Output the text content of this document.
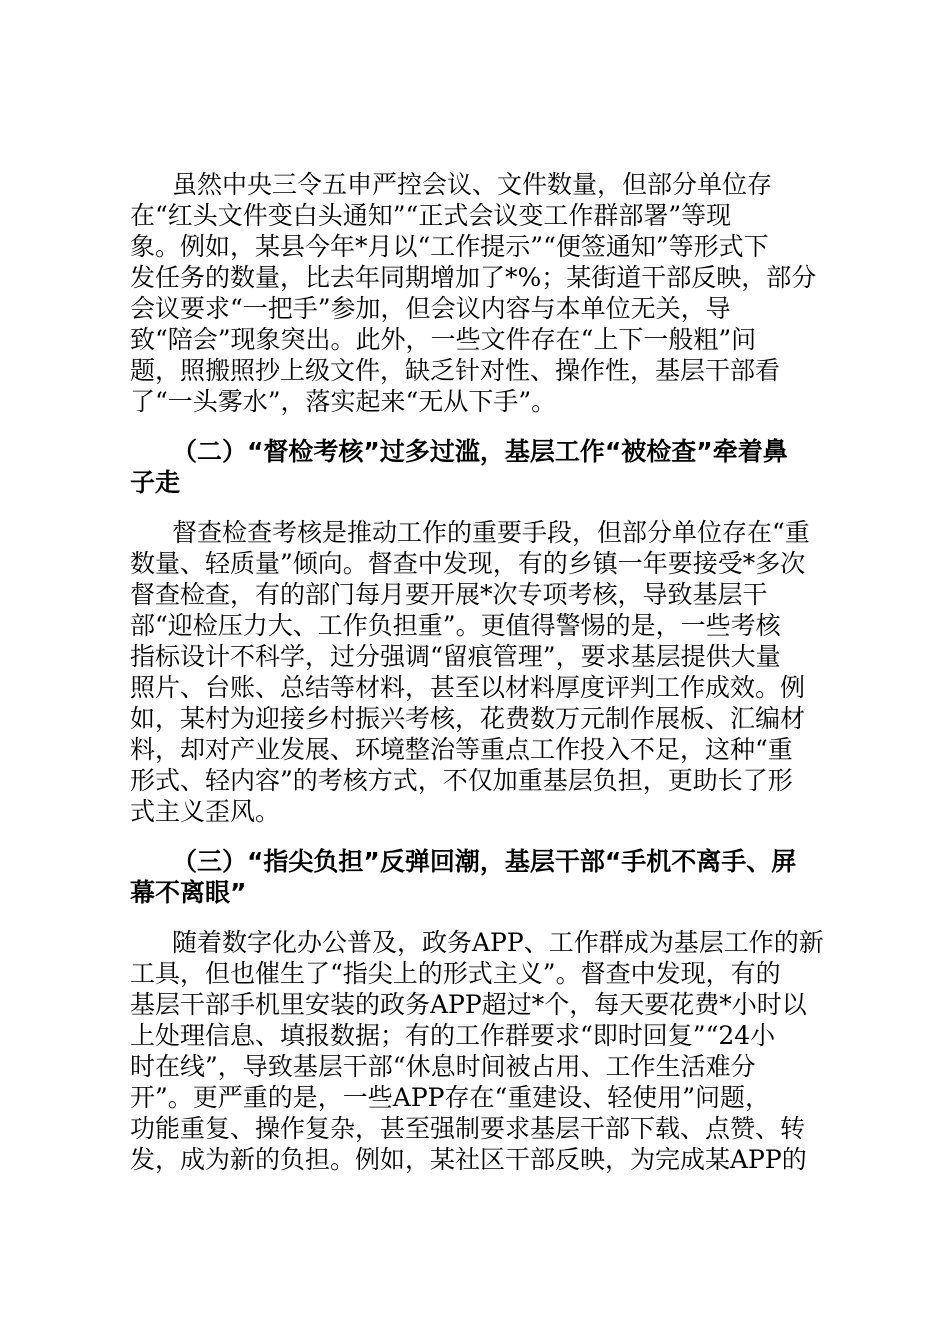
虽然中央三令五申严控会议、文件数量，但部分单位存
在“红头文件变白头通知”“正式会议变工作群部署”等现
象。例如，某县今年*月以“工作提示”“便签通知”等形式下
发任务的数量，比去年同期增加了*%；某街道干部反映，部分
会议要求“一把手”参加，但会议内容与本单位无关，导
致“陪会”现象突出。此外，一些文件存在“上下一般粗”问
题，照搬照抄上级文件，缺乏针对性、操作性，基层干部看
了“一头雾水”，落实起来“无从下手”。
（二）“督检考核”过多过滥，基层工作“被检查”牵着鼻
子走
督查检查考核是推动工作的重要手段，但部分单位存在“重
数量、轻质量”倾向。督查中发现，有的乡镇一年要接受*多次
督查检查，有的部门每月要开展*次专项考核，导致基层干
部“迎检压力大、工作负担重”。更值得警惕的是，一些考核
指标设计不科学，过分强调“留痕管理”，要求基层提供大量
照片、台账、总结等材料，甚至以材料厚度评判工作成效。例
如，某村为迎接乡村振兴考核，花费数万元制作展板、汇编材
料，却对产业发展、环境整治等重点工作投入不足，这种“重
形式、轻内容”的考核方式，不仅加重基层负担，更助长了形
式主义歪风。
（三）“指尖负担”反弹回潮，基层干部“手机不离手、屏
幕不离眼”
随着数字化办公普及，政务APP、工作群成为基层工作的新
工具，但也催生了“指尖上的形式主义”。督查中发现，有的
基层干部手机里安装的政务APP超过*个，每天要花费*小时以
上处理信息、填报数据；有的工作群要求“即时回复”“24小
时在线”，导致基层干部“休息时间被占用、工作生活难分
开”。更严重的是，一些APP存在“重建设、轻使用”问题，
功能重复、操作复杂，甚至强制要求基层干部下载、点赞、转
发，成为新的负担。例如，某社区干部反映，为完成某APP的
